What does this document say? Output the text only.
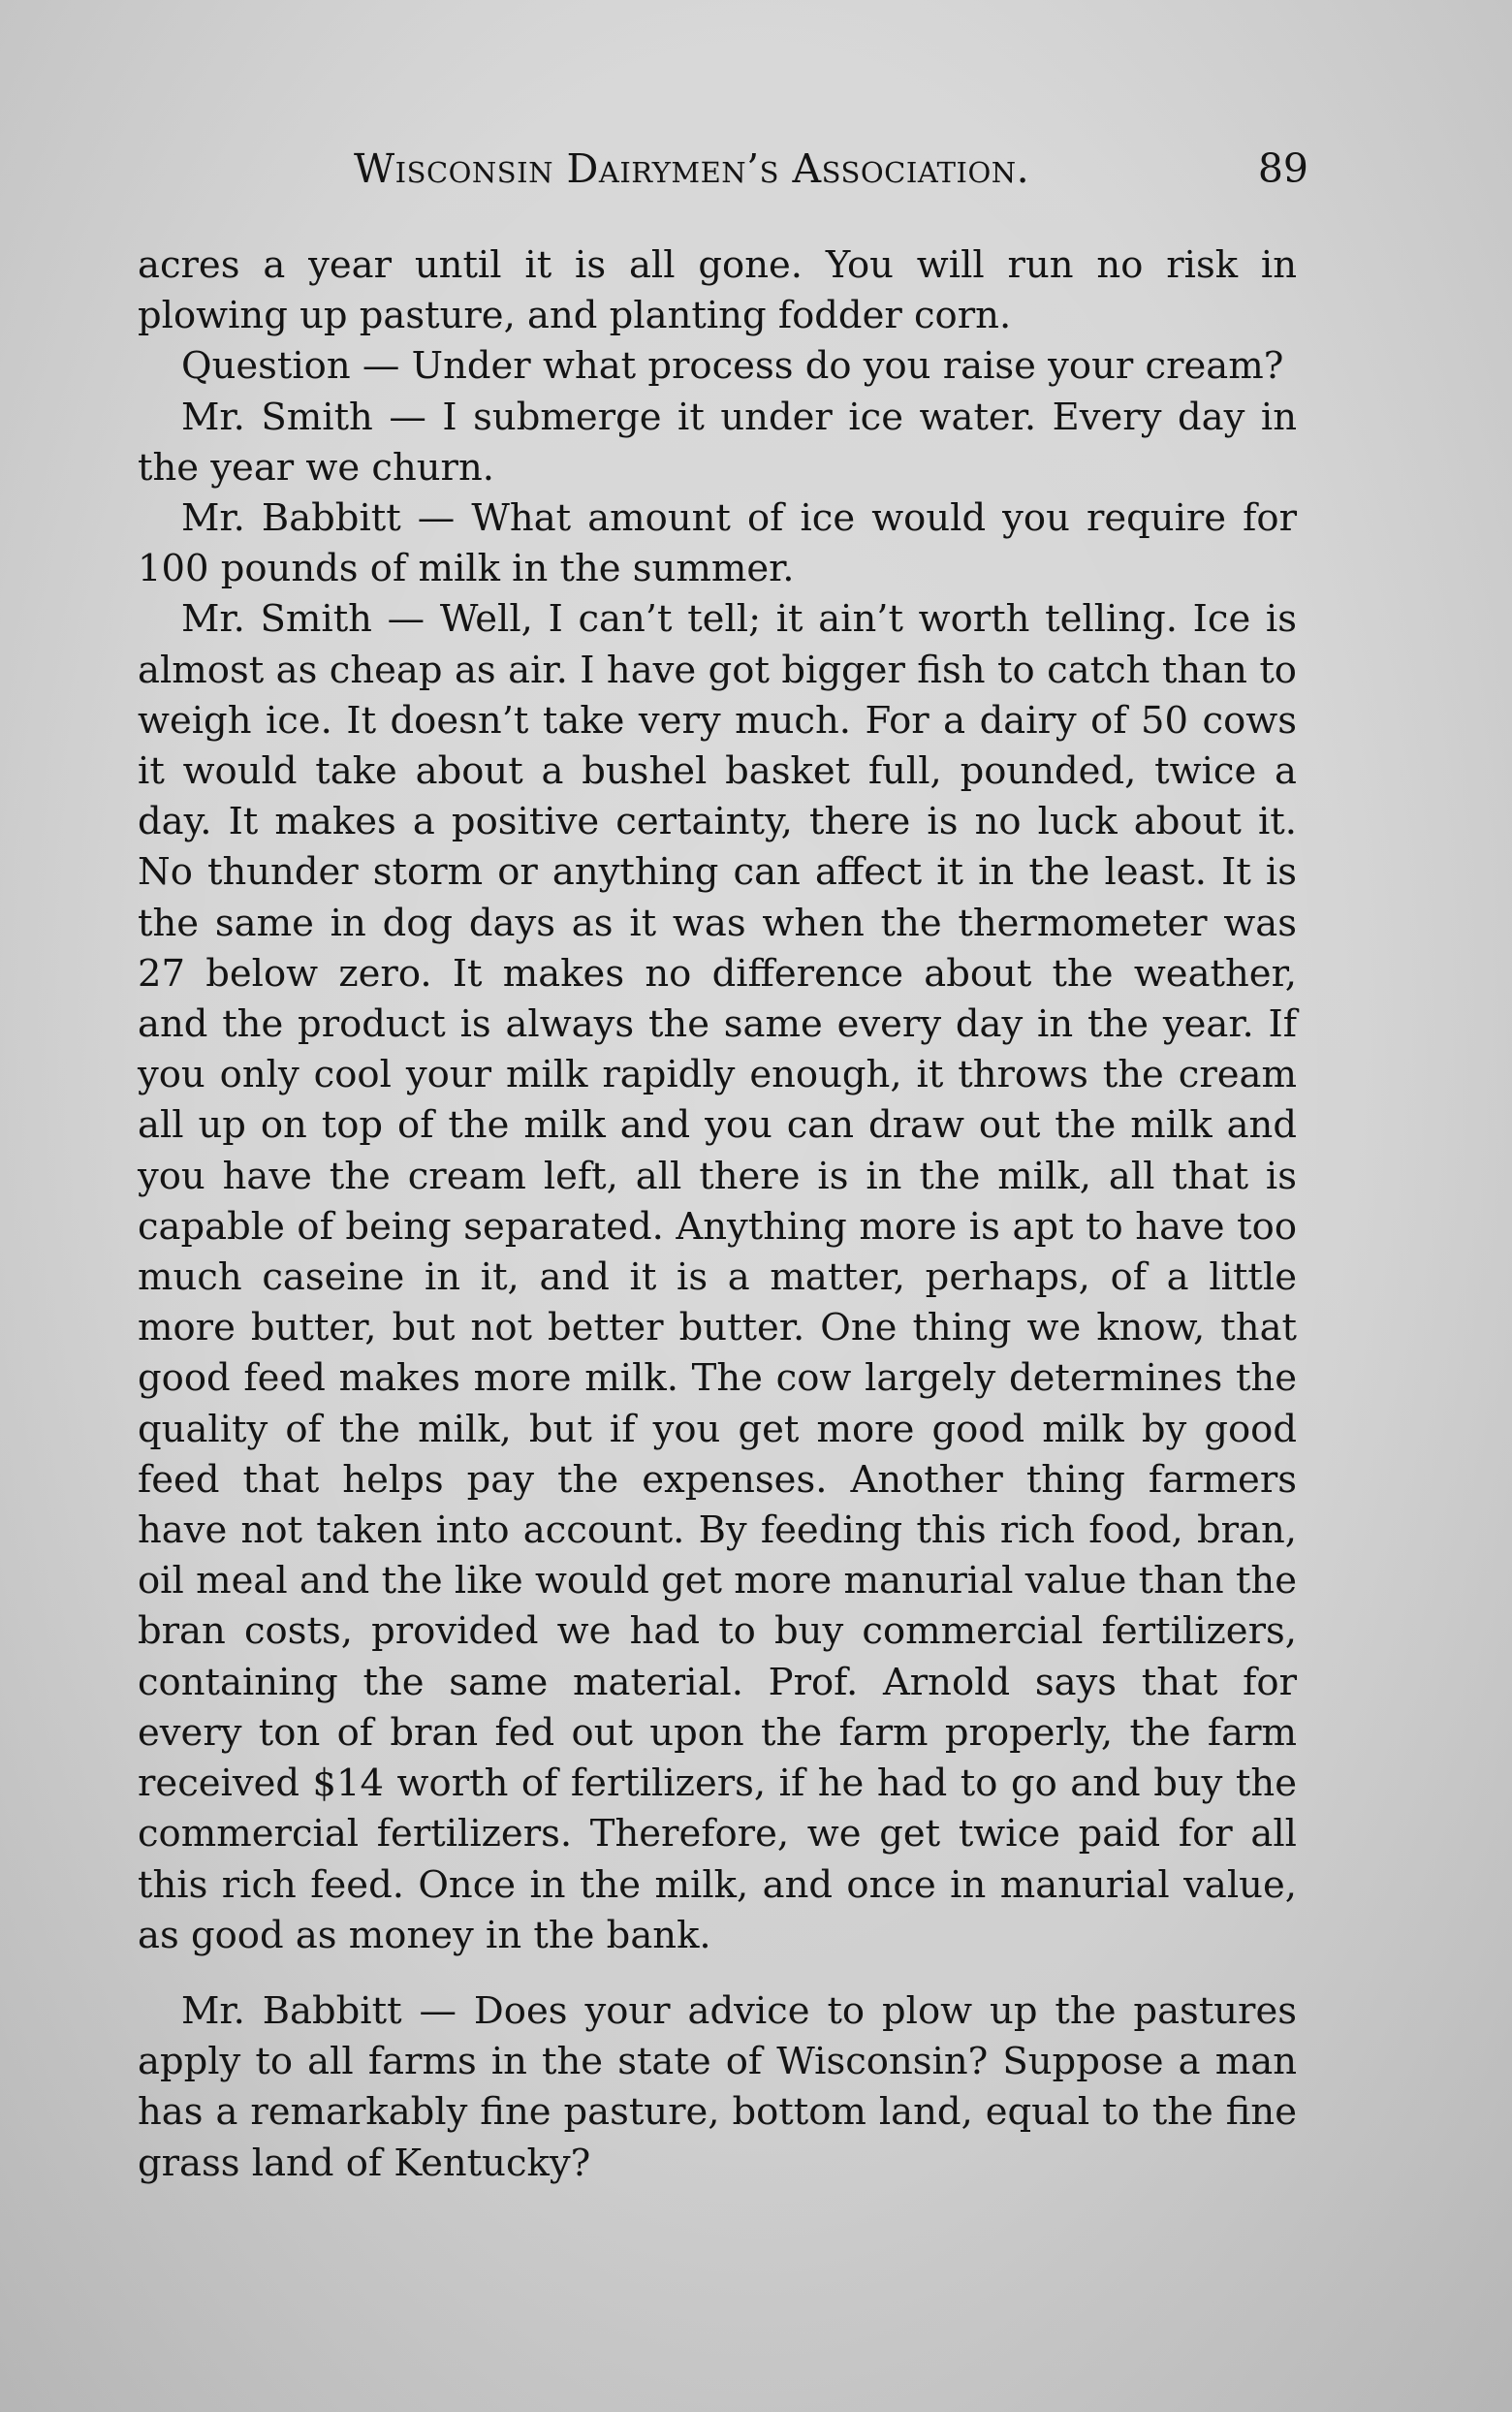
Wisconsin Dairymen’s Association.	89

acres a year until it is all gone. You will run no risk in plowing up pasture, and planting fodder corn.

Question — Under what process do you raise your cream?

Mr. Smith — I submerge it under ice water. Every day in the year we churn.

Mr. Babbitt — What amount of ice would you require for 100 pounds of milk in the summer.

Mr. Smith — Well, I can’t tell; it ain’t worth telling. Ice is almost as cheap as air. I have got bigger fish to catch than to weigh ice. It doesn’t take very much. For a dairy of 50 cows it would take about a bushel basket full, pounded, twice a day. It makes a positive certainty, there is no luck about it. No thunder storm or anything can affect it in the least. It is the same in dog days as it was when the thermometer was 27 below zero. It makes no difference about the weather, and the product is always the same every day in the year. If you only cool your milk rapidly enough, it throws the cream all up on top of the milk and you can draw out the milk and you have the cream left, all there is in the milk, all that is capable of being separated. Anything more is apt to have too much caseine in it, and it is a matter, perhaps, of a little more butter, but not better butter. One thing we know, that good feed makes more milk. The cow largely determines the quality of the milk, but if you get more good milk by good feed that helps pay the expenses. Another thing farmers have not taken into account. By feeding this rich food, bran, oil meal and the like would get more manurial value than the bran costs, provided we had to buy commercial fertilizers, containing the same material. Prof. Arnold says that for every ton of bran fed out upon the farm properly, the farm received $14 worth of fertilizers, if he had to go and buy the commercial fertilizers. Therefore, we get twice paid for all this rich feed. Once in the milk, and once in manurial value, as good as money in the bank.

Mr. Babbitt — Does your advice to plow up the pastures apply to all farms in the state of Wisconsin? Suppose a man has a remarkably fine pasture, bottom land, equal to the fine grass land of Kentucky?
